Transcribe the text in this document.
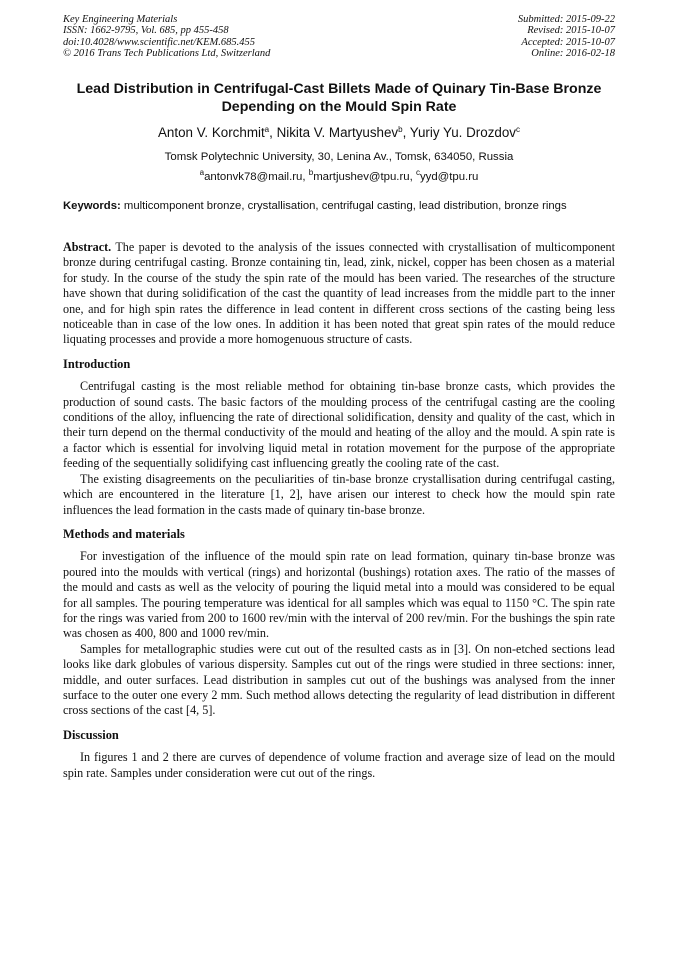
Key Engineering Materials
ISSN: 1662-9795, Vol. 685, pp 455-458
doi:10.4028/www.scientific.net/KEM.685.455
© 2016 Trans Tech Publications Ltd, Switzerland
Submitted: 2015-09-22
Revised: 2015-10-07
Accepted: 2015-10-07
Online: 2016-02-18
Lead Distribution in Centrifugal-Cast Billets Made of Quinary Tin-Base Bronze Depending on the Mould Spin Rate
Anton V. Korchmit$^a$, Nikita V. Martyushev$^b$, Yuriy Yu. Drozdov$^c$
Tomsk Polytechnic University, 30, Lenina Av., Tomsk, 634050, Russia
$^a$antonvk78@mail.ru, $^b$martjushev@tpu.ru, $^c$yyd@tpu.ru
Keywords: multicomponent bronze, crystallisation, centrifugal casting, lead distribution, bronze rings

Abstract. The paper is devoted to the analysis of the issues connected with crystallisation of multicomponent bronze during centrifugal casting. Bronze containing tin, lead, zink, nickel, copper has been chosen as a material for study. In the course of the study the spin rate of the mould has been varied. The researches of the structure have shown that during solidification of the cast the quantity of lead increases from the middle part to the inner one, and for high spin rates the difference in lead content in different cross sections of the casting being less noticeable than in case of the low ones. In addition it has been noted that great spin rates of the mould reduce liquating processes and provide a more homogenuous structure of casts.

Introduction

Centrifugal casting is the most reliable method for obtaining tin-base bronze casts, which provides the production of sound casts. The basic factors of the moulding process of the centrifugal casting are the cooling conditions of the alloy, influencing the rate of directional solidification, density and quality of the cast, which in their turn depend on the thermal conductivity of the mould and heating of the alloy and the mould. A spin rate is a factor which is essential for involving liquid metal in rotation movement for the purpose of the appropriate feeding of the sequentially solidifying cast influencing greatly the cooling rate of the cast.

The existing disagreements on the peculiarities of tin-base bronze crystallisation during centrifugal casting, which are encountered in the literature [1, 2], have arisen our interest to check how the mould spin rate influences the lead formation in the casts made of quinary tin-base bronze.

Methods and materials

For investigation of the influence of the mould spin rate on lead formation, quinary tin-base bronze was poured into the moulds with vertical (rings) and horizontal (bushings) rotation axes. The ratio of the masses of the mould and casts as well as the velocity of pouring the liquid metal into a mould was considered to be equal for all samples. The pouring temperature was identical for all samples which was equal to 1150 °C. The spin rate for the rings was varied from 200 to 1600 rev/min with the interval of 200 rev/min. For the bushings the spin rate was chosen as 400, 800 and 1000 rev/min.

Samples for metallographic studies were cut out of the resulted casts as in [3]. On non-etched sections lead looks like dark globules of various dispersity. Samples cut out of the rings were studied in three sections: inner, middle, and outer surfaces. Lead distribution in samples cut out of the bushings was analysed from the inner surface to the outer one every 2 mm. Such method allows detecting the regularity of lead distribution in different cross sections of the cast [4, 5].

Discussion

In figures 1 and 2 there are curves of dependence of volume fraction and average size of lead on the mould spin rate. Samples under consideration were cut out of the rings.
